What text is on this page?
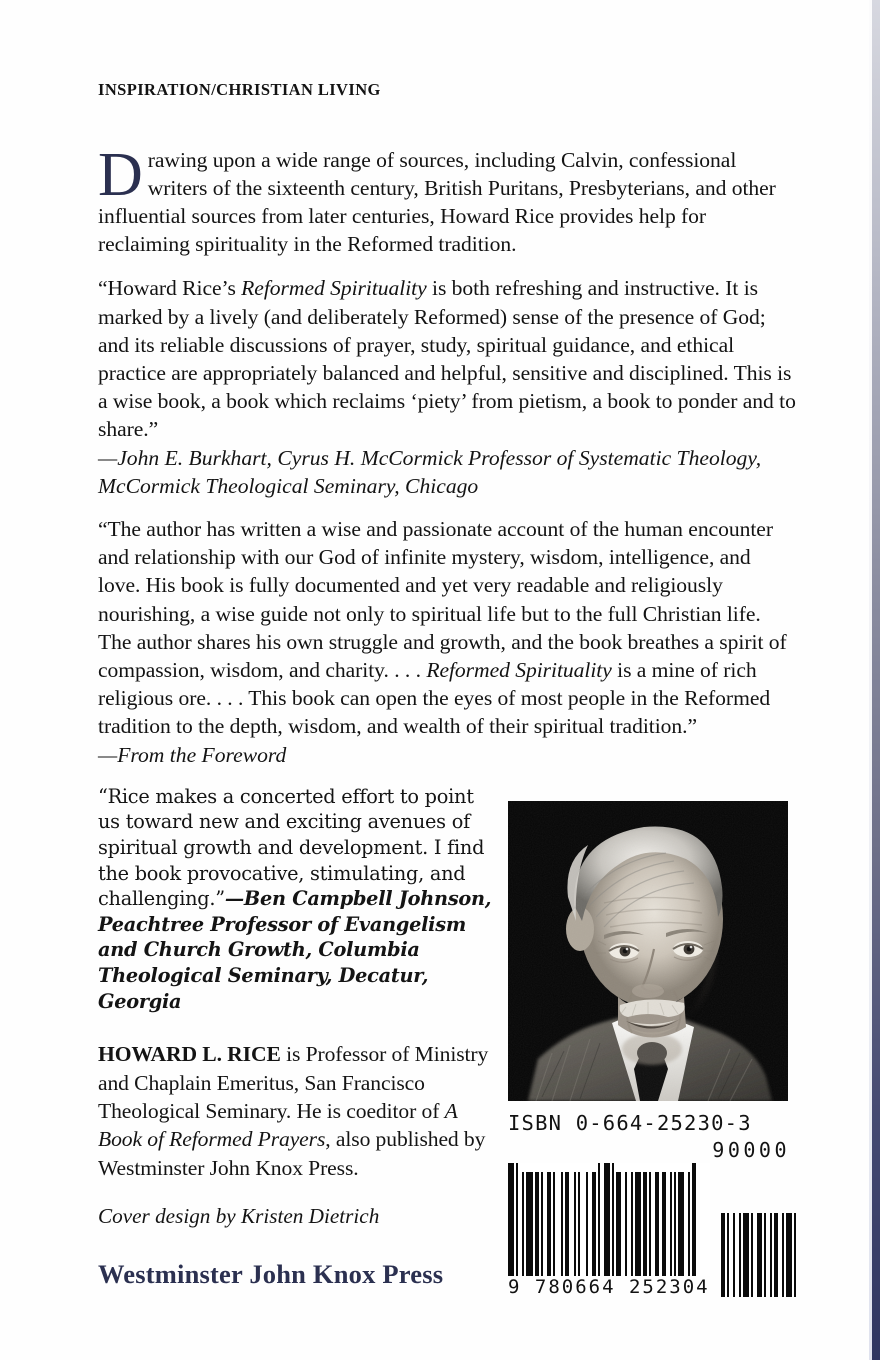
INSPIRATION/CHRISTIAN LIVING

Drawing upon a wide range of sources, including Calvin, confessional writers of the sixteenth century, British Puritans, Presbyterians, and other influential sources from later centuries, Howard Rice provides help for reclaiming spirituality in the Reformed tradition.

“Howard Rice’s Reformed Spirituality is both refreshing and instructive. It is marked by a lively (and deliberately Reformed) sense of the presence of God; and its reliable discussions of prayer, study, spiritual guidance, and ethical practice are appropriately balanced and helpful, sensitive and disciplined. This is a wise book, a book which reclaims ‘piety’ from pietism, a book to ponder and to share.”

—John E. Burkhart, Cyrus H. McCormick Professor of Systematic Theology, McCormick Theological Seminary, Chicago

“The author has written a wise and passionate account of the human encounter and relationship with our God of infinite mystery, wisdom, intelligence, and love. His book is fully documented and yet very readable and religiously nourishing, a wise guide not only to spiritual life but to the full Christian life. The author shares his own struggle and growth, and the book breathes a spirit of compassion, wisdom, and charity. . . . Reformed Spirituality is a mine of rich religious ore. . . . This book can open the eyes of most people in the Reformed tradition to the depth, wisdom, and wealth of their spiritual tradition.”

—From the Foreword

“Rice makes a concerted effort to point us toward new and exciting avenues of spiritual growth and development. I find the book provocative, stimulating, and challenging.”—Ben Campbell Johnson, Peachtree Professor of Evangelism and Church Growth, Columbia Theological Seminary, Decatur, Georgia

HOWARD L. RICE is Professor of Ministry and Chaplain Emeritus, San Francisco Theological Seminary. He is coeditor of A Book of Reformed Prayers, also published by Westminster John Knox Press.

Cover design by Kristen Dietrich

Westminster John Knox Press

ISBN 0-664-25230-3
90000
9 780664 252304
